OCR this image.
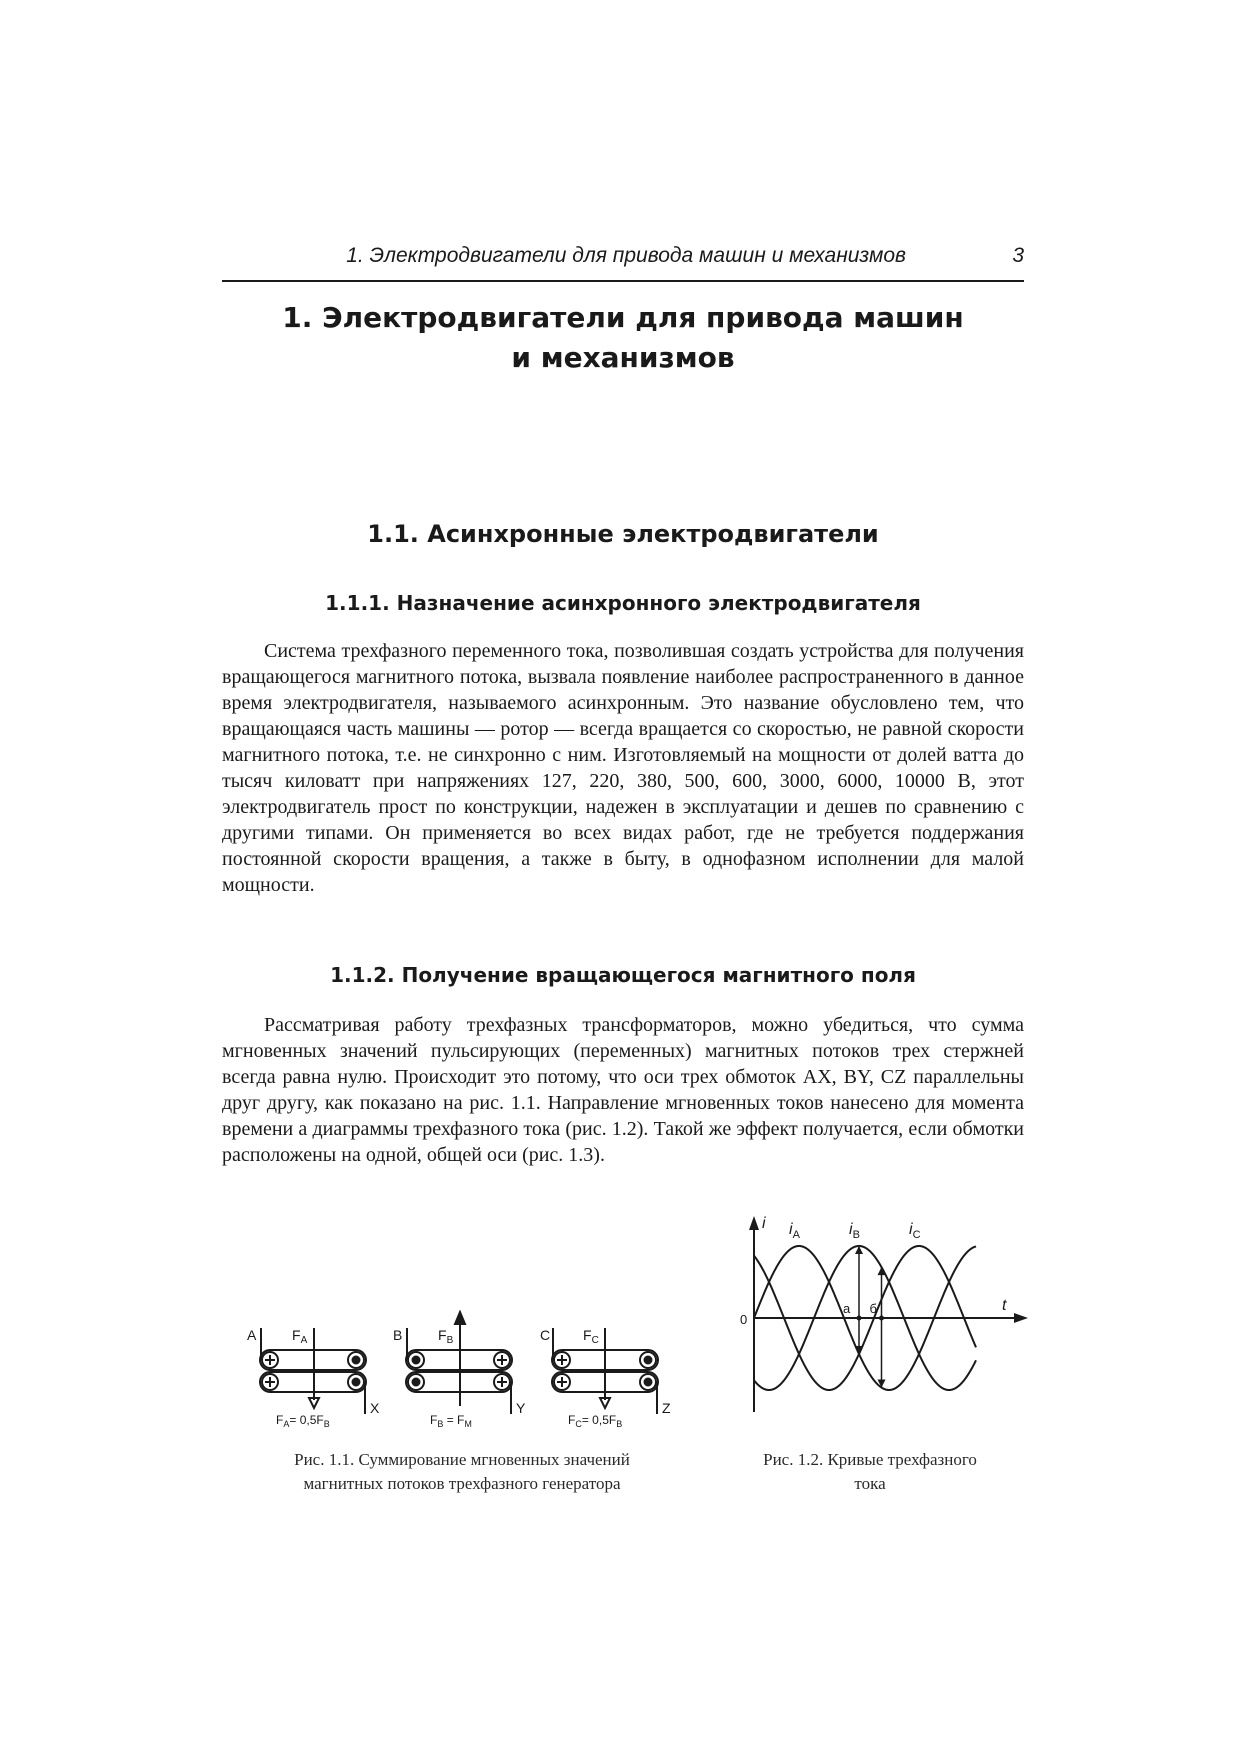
1. Электродвигатели для привода машин и механизмов	3
1. Электродвигатели для привода машин
и механизмов
1.1. Асинхронные электродвигатели
1.1.1. Назначение асинхронного электродвигателя

Система трехфазного переменного тока, позволившая создать устройства для получения вращающегося магнитного потока, вызвала появление наиболее распространенного в данное время электродвигателя, называемого асинхронным. Это название обусловлено тем, что вращающаяся часть машины — ротор — всегда вращается со скоростью, не равной скорости магнитного потока, т.е. не синхронно с ним. Изготовляемый на мощности от долей ватта до тысяч киловатт при напряжениях 127, 220, 380, 500, 600, 3000, 6000, 10000 В, этот электродвигатель прост по конструкции, надежен в эксплуатации и дешев по сравнению с другими типами. Он применяется во всех видах работ, где не требуется поддержания постоянной скорости вращения, а также в быту, в однофазном исполнении для малой мощности.

1.1.2. Получение вращающегося магнитного поля

Рассматривая работу трехфазных трансформаторов, можно убедиться, что сумма мгновенных значений пульсирующих (переменных) магнитных потоков трех стержней всегда равна нулю. Происходит это потому, что оси трех обмоток AX, BY, CZ параллельны друг другу, как показано на рис. 1.1. Направление мгновенных токов нанесено для момента времени а диаграммы трехфазного тока (рис. 1.2). Такой же эффект получается, если обмотки расположены на одной, общей оси (рис. 1.3).

A
X
$F_A$
$F_A= 0,5F_B$
B
Y
$F_B$
$F_B = F_M$
C
Z
$F_C$
$F_C= 0,5F_B$
Рис. 1.1. Суммирование мгновенных значений
магнитных потоков трехфазного генератора
i
t
0
a б
$i_A$	$i_B$	$i_C$
Рис. 1.2. Кривые трехфазного
тока
